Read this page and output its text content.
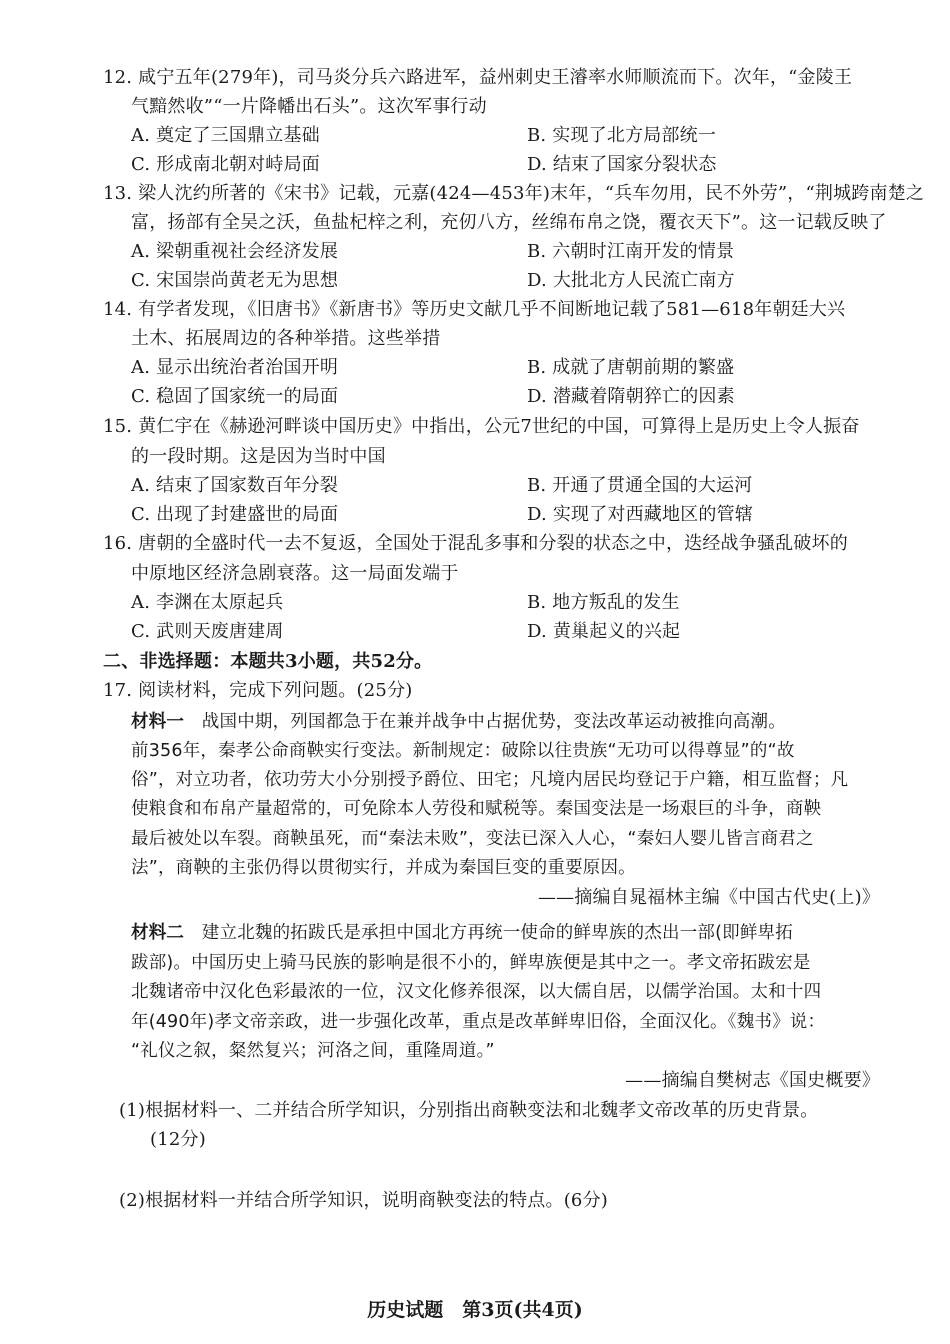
12. 咸宁五年(279年)，司马炎分兵六路进军，益州刺史王濬率水师顺流而下。次年，“金陵王
气黯然收”“一片降幡出石头”。这次军事行动
A. 奠定了三国鼎立基础	B. 实现了北方局部统一
C. 形成南北朝对峙局面	D. 结束了国家分裂状态
13. 梁人沈约所著的《宋书》记载，元嘉(424—453年)末年，“兵车勿用，民不外劳”，“荆城跨南楚之
富，扬部有全吴之沃，鱼盐杞梓之利，充仞八方，丝绵布帛之饶，覆衣天下”。这一记载反映了
A. 梁朝重视社会经济发展	B. 六朝时江南开发的情景
C. 宋国崇尚黄老无为思想	D. 大批北方人民流亡南方
14. 有学者发现，《旧唐书》《新唐书》等历史文献几乎不间断地记载了581—618年朝廷大兴
土木、拓展周边的各种举措。这些举措
A. 显示出统治者治国开明	B. 成就了唐朝前期的繁盛
C. 稳固了国家统一的局面	D. 潜藏着隋朝猝亡的因素
15. 黄仁宇在《赫逊河畔谈中国历史》中指出，公元7世纪的中国，可算得上是历史上令人振奋
的一段时期。这是因为当时中国
A. 结束了国家数百年分裂	B. 开通了贯通全国的大运河
C. 出现了封建盛世的局面	D. 实现了对西藏地区的管辖
16. 唐朝的全盛时代一去不复返，全国处于混乱多事和分裂的状态之中，迭经战争骚乱破坏的
中原地区经济急剧衰落。这一局面发端于
A. 李渊在太原起兵	B. 地方叛乱的发生
C. 武则天废唐建周	D. 黄巢起义的兴起
二、非选择题：本题共3小题，共52分。
17. 阅读材料，完成下列问题。(25分)
材料一　战国中期，列国都急于在兼并战争中占据优势，变法改革运动被推向高潮。
前356年，秦孝公命商鞅实行变法。新制规定：破除以往贵族“无功可以得尊显”的“故
俗”，对立功者，依功劳大小分别授予爵位、田宅；凡境内居民均登记于户籍，相互监督；凡
使粮食和布帛产量超常的，可免除本人劳役和赋税等。秦国变法是一场艰巨的斗争，商鞅
最后被处以车裂。商鞅虽死，而“秦法未败”，变法已深入人心，“秦妇人婴儿皆言商君之
法”，商鞅的主张仍得以贯彻实行，并成为秦国巨变的重要原因。
——摘编自晁福林主编《中国古代史(上)》
材料二　建立北魏的拓跋氏是承担中国北方再统一使命的鲜卑族的杰出一部(即鲜卑拓
跋部)。中国历史上骑马民族的影响是很不小的，鲜卑族便是其中之一。孝文帝拓跋宏是
北魏诸帝中汉化色彩最浓的一位，汉文化修养很深，以大儒自居，以儒学治国。太和十四
年(490年)孝文帝亲政，进一步强化改革，重点是改革鲜卑旧俗，全面汉化。《魏书》说：
“礼仪之叙，粲然复兴；河洛之间，重隆周道。”
——摘编自樊树志《国史概要》
(1)根据材料一、二并结合所学知识，分别指出商鞅变法和北魏孝文帝改革的历史背景。
(12分)
(2)根据材料一并结合所学知识，说明商鞅变法的特点。(6分)
历史试题　第3页(共4页)
